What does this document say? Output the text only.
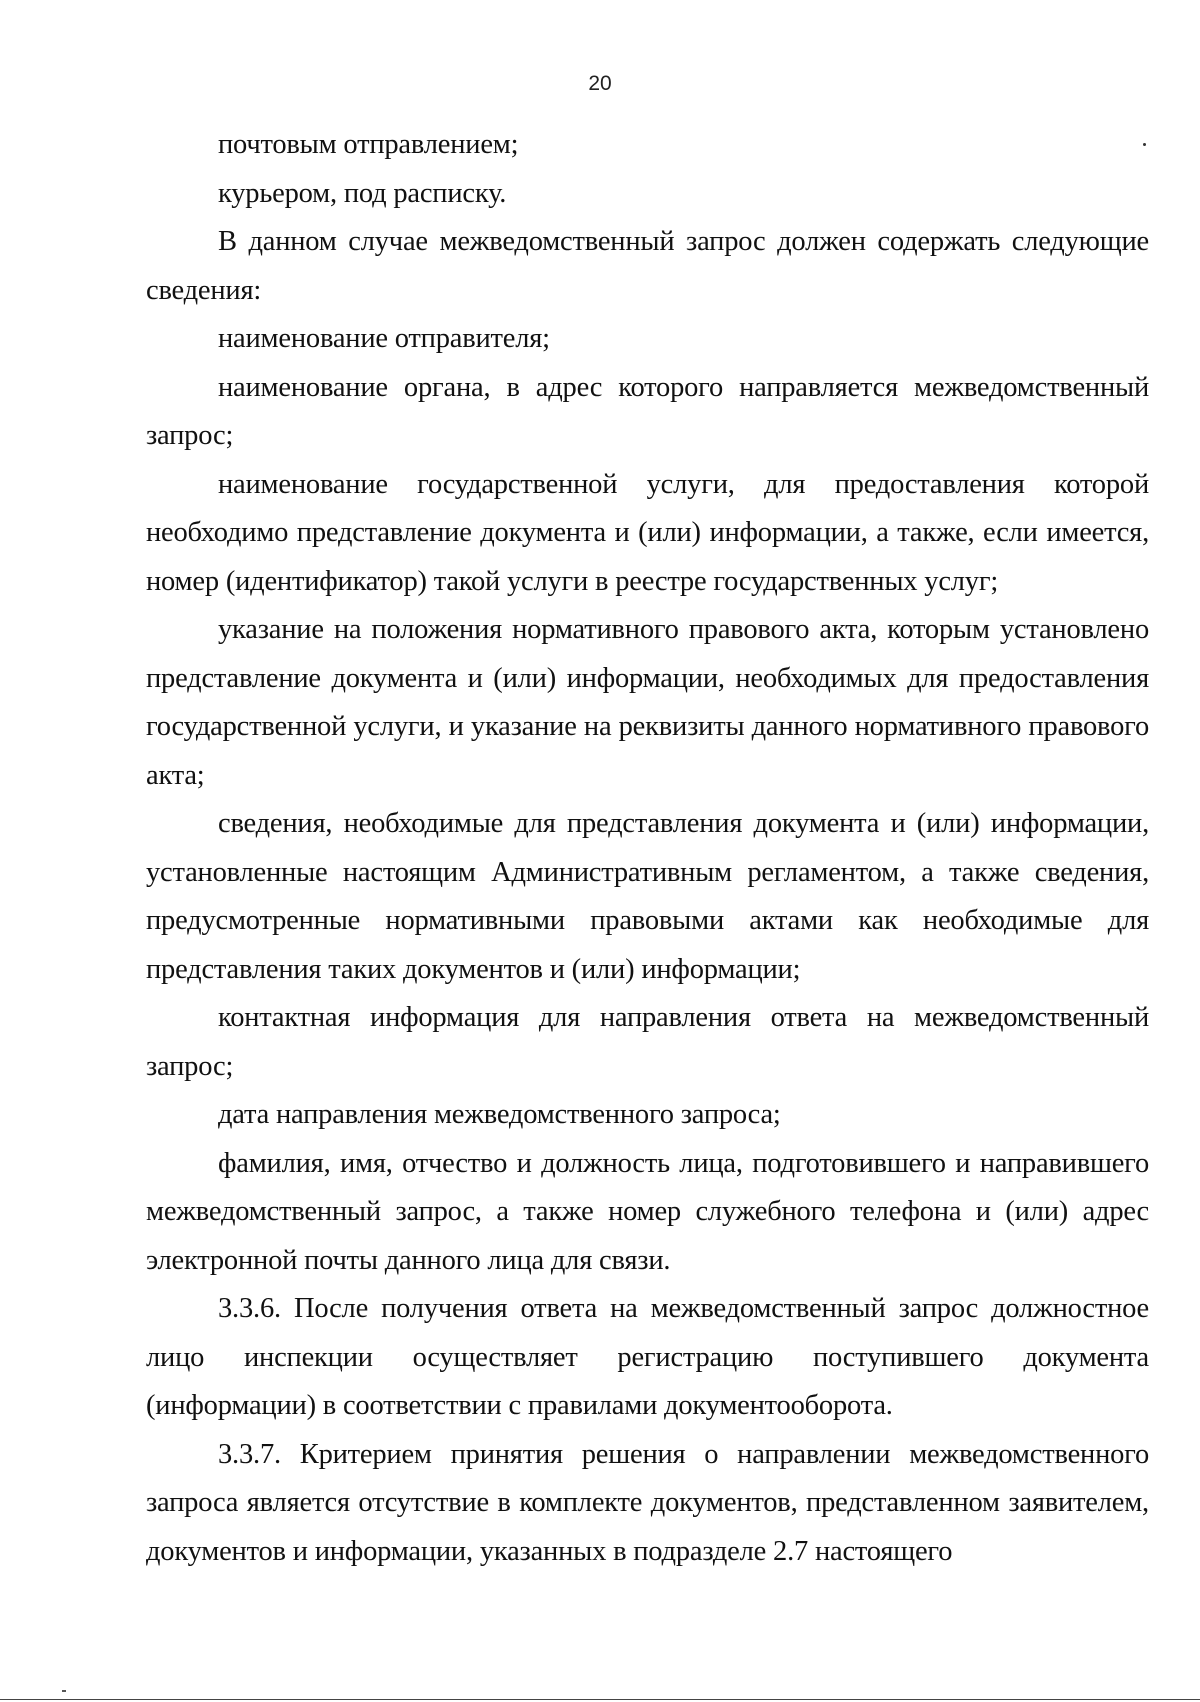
20

почтовым отправлением;

курьером, под расписку.

В данном случае межведомственный запрос должен содержать следующие сведения:

наименование отправителя;

наименование органа, в адрес которого направляется межведомственный запрос;

наименование государственной услуги, для предоставления которой необходимо представление документа и (или) информации, а также, если имеется, номер (идентификатор) такой услуги в реестре государственных услуг;

указание на положения нормативного правового акта, которым установлено представление документа и (или) информации, необходимых для предоставления государственной услуги, и указание на реквизиты данного нормативного правового акта;

сведения, необходимые для представления документа и (или) информации, установленные настоящим Административным регламентом, а также сведения, предусмотренные нормативными правовыми актами как необходимые для представления таких документов и (или) информации;

контактная информация для направления ответа на межведомственный запрос;

дата направления межведомственного запроса;

фамилия, имя, отчество и должность лица, подготовившего и направившего межведомственный запрос, а также номер служебного телефона и (или) адрес электронной почты данного лица для связи.

3.3.6. После получения ответа на межведомственный запрос должностное лицо инспекции осуществляет регистрацию поступившего документа (информации) в соответствии с правилами документооборота.

3.3.7. Критерием принятия решения о направлении межведомственного запроса является отсутствие в комплекте документов, представленном заявителем, документов и информации, указанных в подразделе 2.7 настоящего
